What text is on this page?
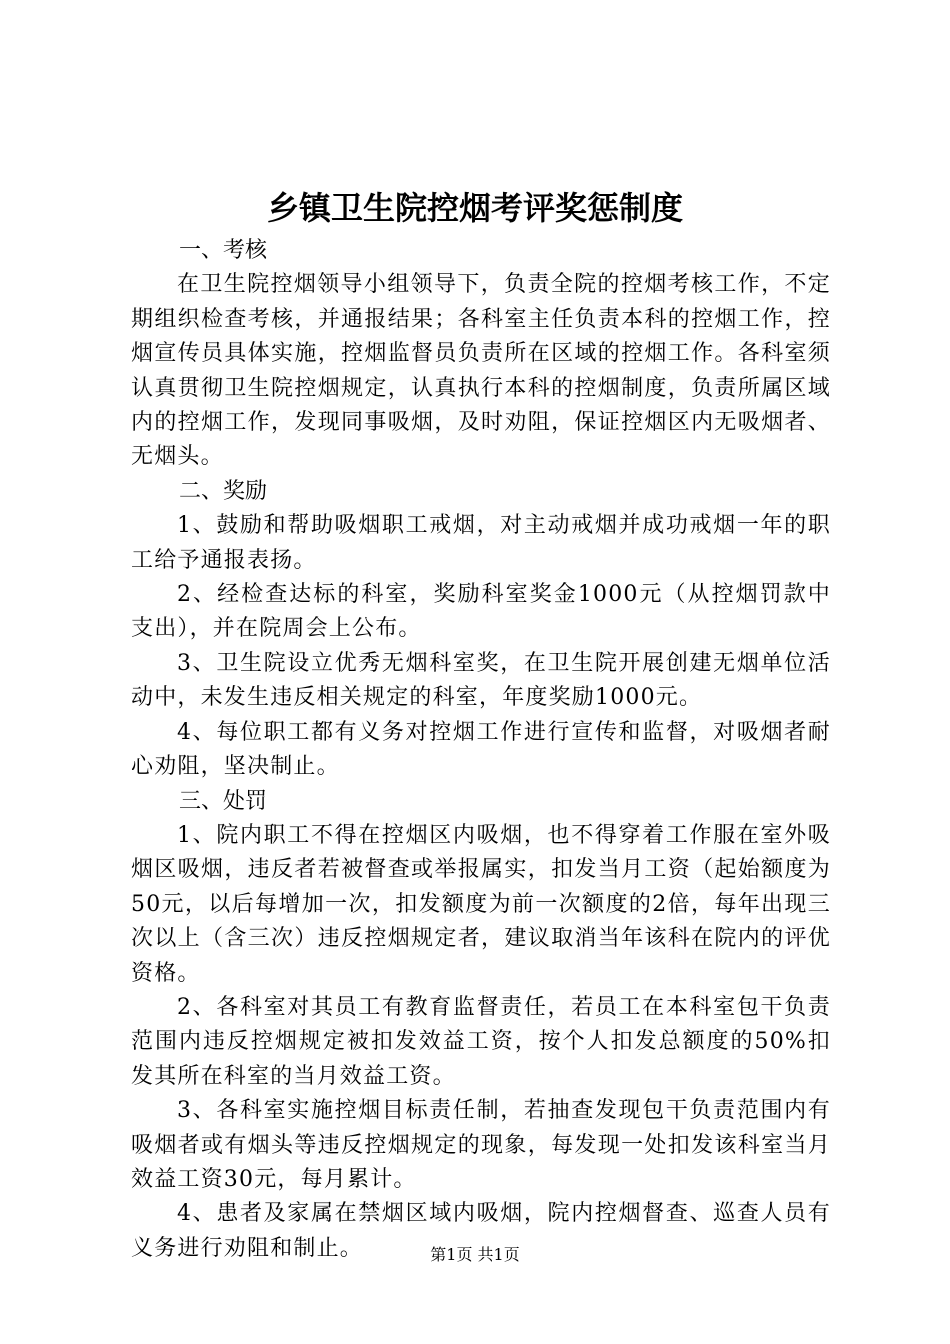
乡镇卫生院控烟考评奖惩制度

一、考核

在卫生院控烟领导小组领导下，负责全院的控烟考核工作，不定期组织检查考核，并通报结果；各科室主任负责本科的控烟工作，控烟宣传员具体实施，控烟监督员负责所在区域的控烟工作。各科室须认真贯彻卫生院控烟规定，认真执行本科的控烟制度，负责所属区域内的控烟工作，发现同事吸烟，及时劝阻，保证控烟区内无吸烟者、无烟头。

二、奖励

1、鼓励和帮助吸烟职工戒烟，对主动戒烟并成功戒烟一年的职工给予通报表扬。

2、经检查达标的科室，奖励科室奖金1000元（从控烟罚款中支出），并在院周会上公布。

3、卫生院设立优秀无烟科室奖，在卫生院开展创建无烟单位活动中，未发生违反相关规定的科室，年度奖励1000元。

4、每位职工都有义务对控烟工作进行宣传和监督，对吸烟者耐心劝阻，坚决制止。

三、处罚

1、院内职工不得在控烟区内吸烟，也不得穿着工作服在室外吸烟区吸烟，违反者若被督查或举报属实，扣发当月工资（起始额度为50元，以后每增加一次，扣发额度为前一次额度的2倍，每年出现三次以上（含三次）违反控烟规定者，建议取消当年该科在院内的评优资格。

2、各科室对其员工有教育监督责任，若员工在本科室包干负责范围内违反控烟规定被扣发效益工资，按个人扣发总额度的50%扣发其所在科室的当月效益工资。

3、各科室实施控烟目标责任制，若抽查发现包干负责范围内有吸烟者或有烟头等违反控烟规定的现象，每发现一处扣发该科室当月效益工资30元，每月累计。

4、患者及家属在禁烟区域内吸烟，院内控烟督查、巡查人员有义务进行劝阻和制止。	第1页 共1页
